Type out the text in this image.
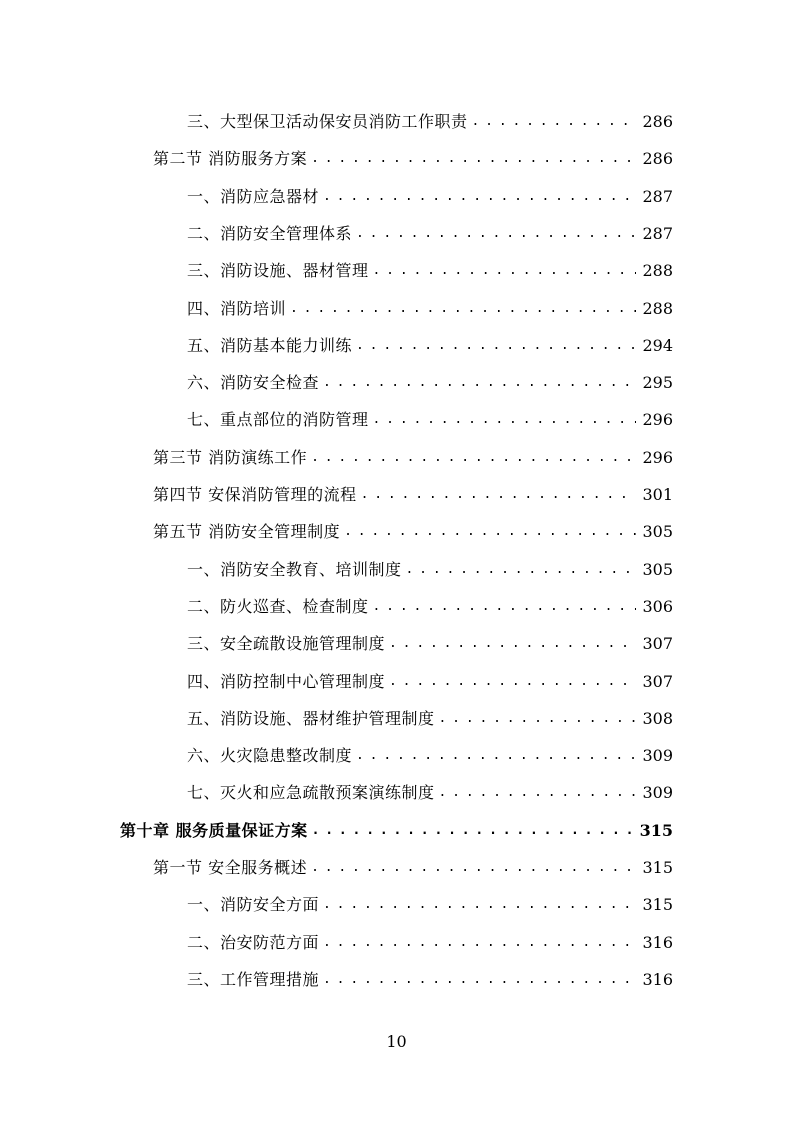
三、大型保卫活动保安员消防工作职责 . . .	286
第二节 消防服务方案 . . .	286
一、消防应急器材 . . .	287
二、消防安全管理体系 . . .	287
三、消防设施、器材管理 . . .	288
四、消防培训 . . .	288
五、消防基本能力训练 . . .	294
六、消防安全检查 . . .	295
七、重点部位的消防管理 . . .	296
第三节 消防演练工作 . . .	296
第四节 安保消防管理的流程 . . .	301
第五节 消防安全管理制度 . . .	305
一、消防安全教育、培训制度 . . .	305
二、防火巡查、检查制度 . . .	306
三、安全疏散设施管理制度 . . .	307
四、消防控制中心管理制度 . . .	307
五、消防设施、器材维护管理制度 . . .	308
六、火灾隐患整改制度 . . .	309
七、灭火和应急疏散预案演练制度 . . .	309
第十章 服务质量保证方案 . . .	315
第一节 安全服务概述 . . .	315
一、消防安全方面 . . .	315
二、治安防范方面 . . .	316
三、工作管理措施 . . .	316
10
